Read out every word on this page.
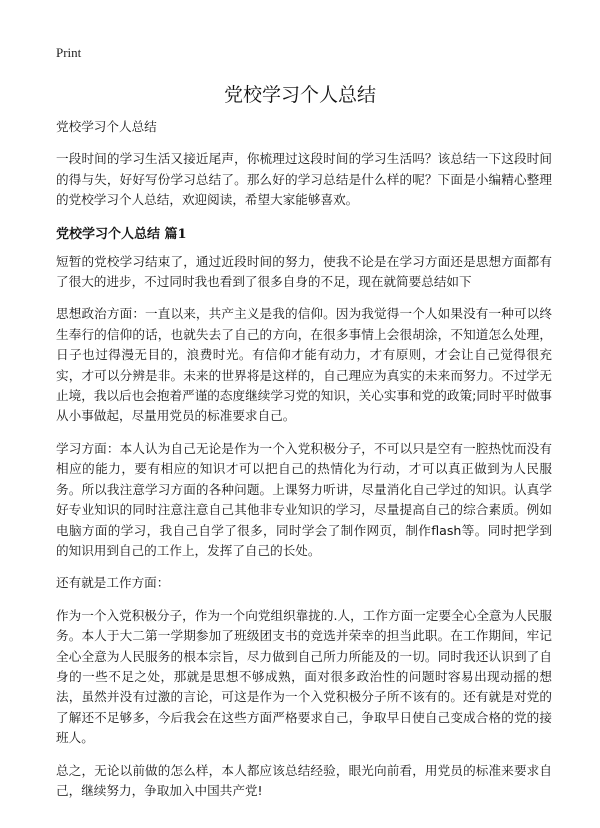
Print
党校学习个人总结

党校学习个人总结

一段时间的学习生活又接近尾声，你梳理过这段时间的学习生活吗？该总结一下这段时间的得与失，好好写份学习总结了。那么好的学习总结是什么样的呢？下面是小编精心整理的党校学习个人总结，欢迎阅读，希望大家能够喜欢。

党校学习个人总结 篇1

短暂的党校学习结束了，通过近段时间的努力，使我不论是在学习方面还是思想方面都有了很大的进步，不过同时我也看到了很多自身的不足，现在就简要总结如下

思想政治方面：一直以来，共产主义是我的信仰。因为我觉得一个人如果没有一种可以终生奉行的信仰的话，也就失去了自己的方向，在很多事情上会很胡涂，不知道怎么处理，日子也过得漫无目的，浪费时光。有信仰才能有动力，才有原则，才会让自己觉得很充实，才可以分辨是非。未来的世界将是这样的，自己理应为真实的未来而努力。不过学无止境，我以后也会抱着严谨的态度继续学习党的知识，关心实事和党的政策;同时平时做事从小事做起，尽量用党员的标准要求自己。

学习方面：本人认为自己无论是作为一个入党积极分子，不可以只是空有一腔热忱而没有相应的能力，要有相应的知识才可以把自己的热情化为行动，才可以真正做到为人民服务。所以我注意学习方面的各种问题。上课努力听讲，尽量消化自己学过的知识。认真学好专业知识的同时注意注意自己其他非专业知识的学习，尽量提高自己的综合素质。例如电脑方面的学习，我自己自学了很多，同时学会了制作网页，制作flash等。同时把学到的知识用到自己的工作上，发挥了自己的长处。

还有就是工作方面：

作为一个入党积极分子，作为一个向党组织靠拢的.人，工作方面一定要全心全意为人民服务。本人于大二第一学期参加了班级团支书的竞选并荣幸的担当此职。在工作期间，牢记全心全意为人民服务的根本宗旨，尽力做到自己所力所能及的一切。同时我还认识到了自身的一些不足之处，那就是思想不够成熟，面对很多政治性的问题时容易出现动摇的想法，虽然并没有过激的言论，可这是作为一个入党积极分子所不该有的。还有就是对党的了解还不足够多，今后我会在这些方面严格要求自己，争取早日使自己变成合格的党的接班人。

总之，无论以前做的怎么样，本人都应该总结经验，眼光向前看，用党员的标准来要求自己，继续努力，争取加入中国共产党!
